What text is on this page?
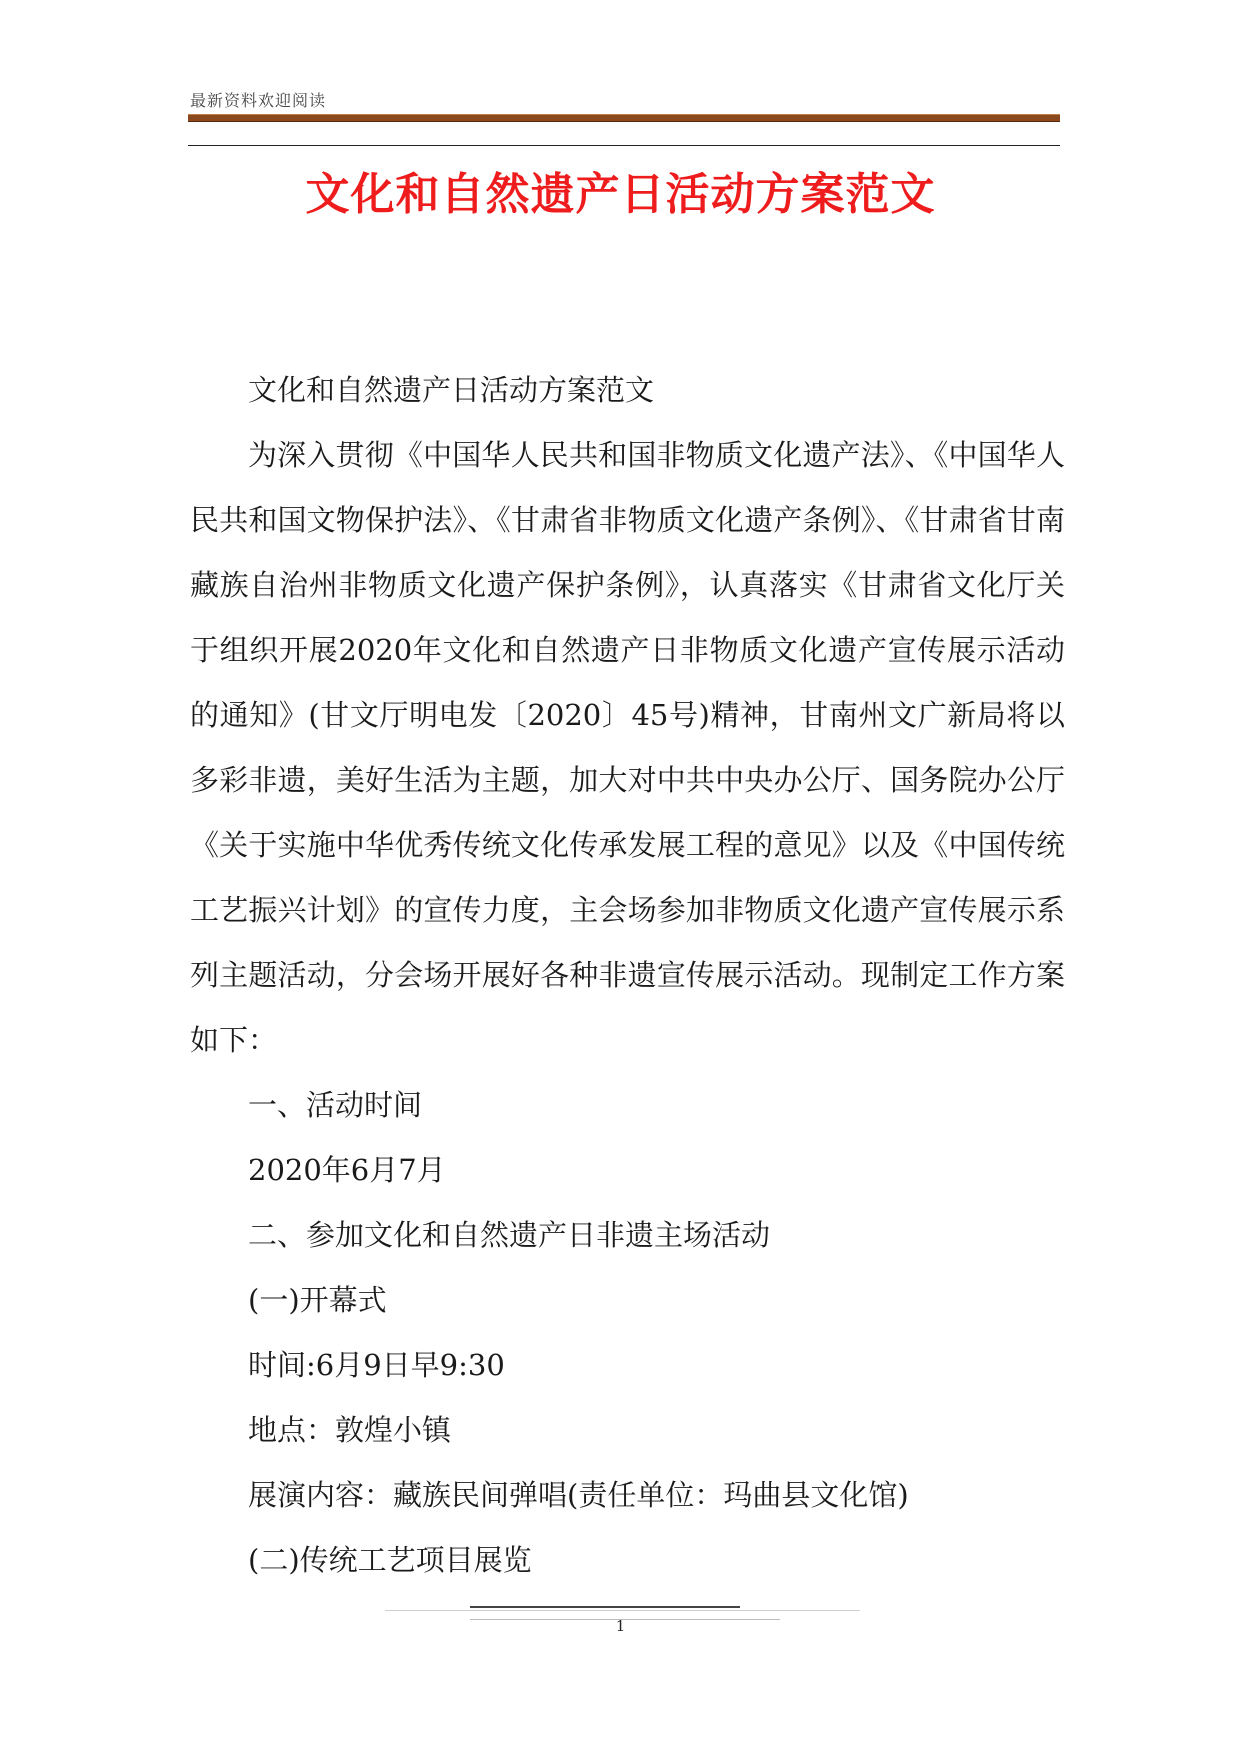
最新资料欢迎阅读
文化和自然遗产日活动方案范文

文化和自然遗产日活动方案范文

为深入贯彻《中国华人民共和国非物质文化遗产法》、《中国华人民共和国文物保护法》、《甘肃省非物质文化遗产条例》、《甘肃省甘南藏族自治州非物质文化遗产保护条例》，认真落实《甘肃省文化厅关于组织开展2020年文化和自然遗产日非物质文化遗产宣传展示活动的通知》(甘文厅明电发〔2020〕45号)精神，甘南州文广新局将以多彩非遗，美好生活为主题，加大对中共中央办公厅、国务院办公厅《关于实施中华优秀传统文化传承发展工程的意见》以及《中国传统工艺振兴计划》的宣传力度，主会场参加非物质文化遗产宣传展示系列主题活动，分会场开展好各种非遗宣传展示活动。现制定工作方案如下：

一、活动时间

2020年6月7月

二、参加文化和自然遗产日非遗主场活动

(一)开幕式

时间:6月9日早9:30

地点：敦煌小镇

展演内容：藏族民间弹唱(责任单位：玛曲县文化馆)

(二)传统工艺项目展览

1
